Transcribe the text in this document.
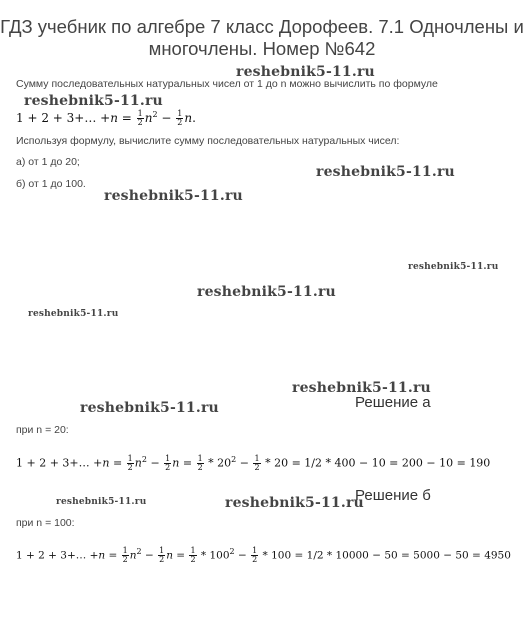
ГДЗ учебник по алгебре 7 класс Дорофеев. 7.1 Одночлены и многочлены. Номер №642
reshebnik5-11.ru
reshebnik5-11.ru
reshebnik5-11.ru
reshebnik5-11.ru
reshebnik5-11.ru
reshebnik5-11.ru
reshebnik5-11.ru
reshebnik5-11.ru
reshebnik5-11.ru
reshebnik5-11.ru	reshebnik5-11.ru
Сумму последовательных натуральных чисел от 1 до n можно вычислить по формуле
1 + 2 + 3+… $+n = \frac{1}{2} n^2 - \frac{1}{2} n$.
Используя формулу, вычислите сумму последовательных натуральных чисел:
а) от 1 до 20;
б) от 1 до 100.
Решение а
при n = 20:
1 + 2 + 3+… $+n = \frac{1}{2} n^2 - \frac{1}{2}$ $n = \frac{1}{2} * 20^2 - \frac{1}{2} * 20 = 1/2 * 400 - 10 = 200 - 10 = 190$
Решение б
при n = 100:
1 + 2 + 3+… $+n = \frac{1}{2} n^2 - \frac{1}{2}$ $n = \frac{1}{2} * 100^2 - \frac{1}{2} * 100 = 1/2 * 10000 - 50 = 5000 - 50 = 4950$
